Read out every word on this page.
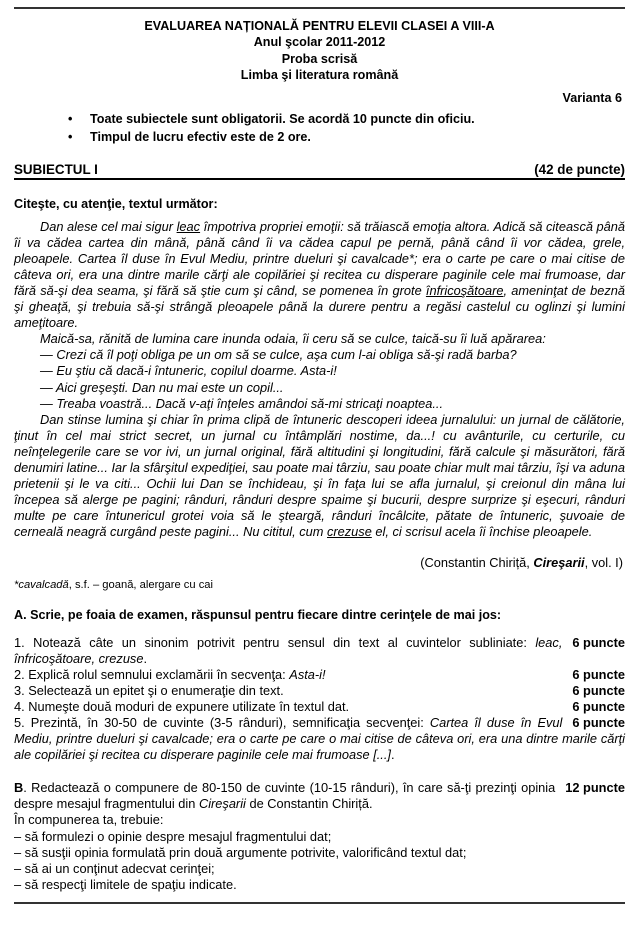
EVALUAREA NAȚIONALĂ PENTRU ELEVII CLASEI A VIII-A
Anul şcolar 2011-2012
Proba scrisă
Limba şi literatura română
Varianta 6
• Toate subiectele sunt obligatorii. Se acordă 10 puncte din oficiu.
• Timpul de lucru efectiv este de 2 ore.
SUBIECTUL I	(42 de puncte)
Citeşte, cu atenţie, textul următor:

Dan alese cel mai sigur leac împotriva propriei emoţii: să trăiască emoţia altora. Adică să citească până îi va cădea cartea din mână, până când îi va cădea capul pe pernă, până când îi vor cădea, grele, pleoapele. Cartea îl duse în Evul Mediu, printre dueluri şi cavalcade*; era o carte pe care o mai citise de câteva ori, era una dintre marile cărţi ale copilăriei şi recitea cu disperare paginile cele mai frumoase, dar fără să-şi dea seama, şi fără să ştie cum şi când, se pomenea în grote înfricoşătoare, ameninţat de beznă şi gheaţă, şi trebuia să-şi strângă pleoapele până la durere pentru a regăsi castelul cu oglinzi şi lumini ameţitoare.

Maică-sa, rănită de lumina care inunda odaia, îi ceru să se culce, taică-su îi luă apărarea:

— Crezi că îl poţi obliga pe un om să se culce, aşa cum l-ai obliga să-şi radă barba?

— Eu ştiu că dacă-i întuneric, copilul doarme. Asta-i!

— Aici greşeşti. Dan nu mai este un copil...

— Treaba voastră... Dacă v-aţi înţeles amândoi să-mi stricaţi noaptea...

Dan stinse lumina şi chiar în prima clipă de întuneric descoperi ideea jurnalului: un jurnal de călătorie, ţinut în cel mai strict secret, un jurnal cu întâmplări nostime, da...! cu avânturile, cu certurile, cu neînţelegerile care se vor ivi, un jurnal original, fără altitudini şi longitudini, fără calcule şi măsurători, fără denumiri latine... Iar la sfârşitul expediţiei, sau poate mai târziu, sau poate chiar mult mai târziu, îşi va aduna prietenii şi le va citi... Ochii lui Dan se închideau, şi în faţa lui se afla jurnalul, şi creionul din mâna lui începea să alerge pe pagini; rânduri, rânduri despre spaime şi bucurii, despre surprize şi eşecuri, rânduri multe pe care întunericul grotei voia să le şteargă, rânduri încâlcite, pătate de întuneric, şuvoaie de cerneală neagră curgând peste pagini... Nu cititul, cum crezuse el, ci scrisul acela îi închise pleoapele.

(Constantin Chiriță, Cireşarii, vol. I)
*cavalcadă, s.f. – goană, alergare cu cai
A. Scrie, pe foaia de examen, răspunsul pentru fiecare dintre cerinţele de mai jos:
6 puncte
1. Notează câte un sinonim potrivit pentru sensul din text al cuvintelor subliniate: leac, înfricoşătoare, crezuse.
6 puncte
2. Explică rolul semnului exclamării în secvenţa: Asta-i!
6 puncte
3. Selectează un epitet şi o enumeraţie din text.
6 puncte
4. Numeşte două moduri de expunere utilizate în textul dat.
6 puncte
5. Prezintă, în 30-50 de cuvinte (3-5 rânduri), semnificaţia secvenţei: Cartea îl duse în Evul Mediu, printre dueluri şi cavalcade; era o carte pe care o mai citise de câteva ori, era una dintre marile cărţi ale copilăriei şi recitea cu disperare paginile cele mai frumoase [...].
12 puncte
B. Redactează o compunere de 80-150 de cuvinte (10-15 rânduri), în care să-ţi prezinţi opinia despre mesajul fragmentului din Cireşarii de Constantin Chiriță.
În compunerea ta, trebuie:
– să formulezi o opinie despre mesajul fragmentului dat;
– să susţii opinia formulată prin două argumente potrivite, valorificând textul dat;
– să ai un conţinut adecvat cerinţei;
– să respecţi limitele de spaţiu indicate.
